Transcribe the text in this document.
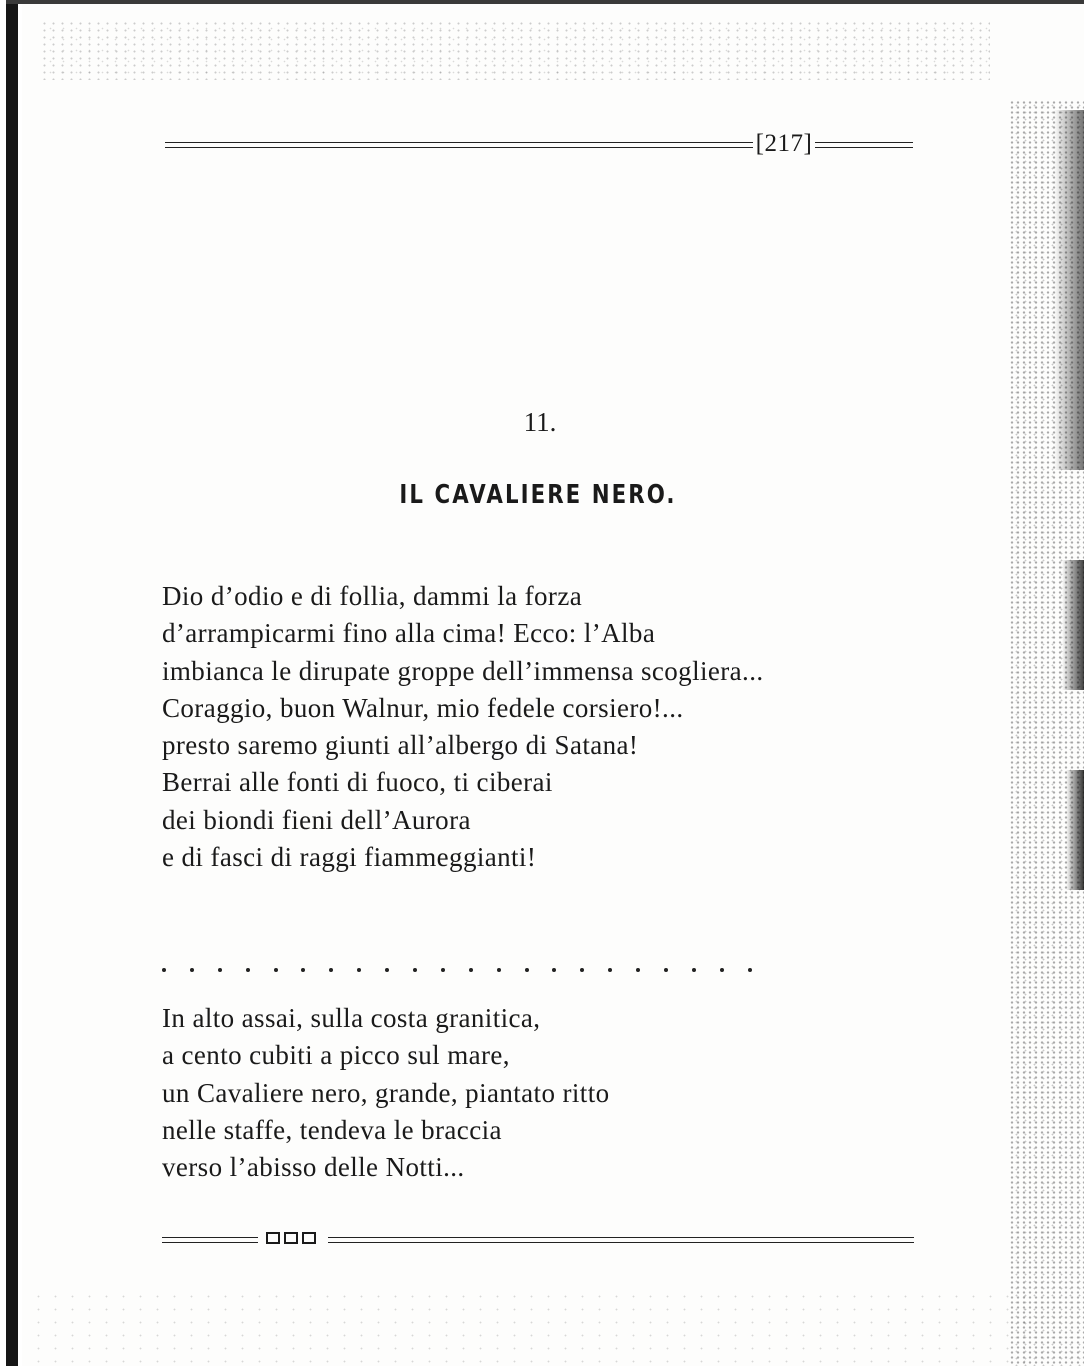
[217]
11.
IL CAVALIERE NERO.
Dio d’odio e di follia, dammi la forza
d’arrampicarmi fino alla cima! Ecco: l’Alba
imbianca le dirupate groppe dell’immensa scogliera...
Coraggio, buon Walnur, mio fedele corsiero!...
presto saremo giunti all’albergo di Satana!
Berrai alle fonti di fuoco, ti ciberai
dei biondi fieni dell’Aurora
e di fasci di raggi fiammeggianti!
In alto assai, sulla costa granitica,
a cento cubiti a picco sul mare,
un Cavaliere nero, grande, piantato ritto
nelle staffe, tendeva le braccia
verso l’abisso delle Notti...
